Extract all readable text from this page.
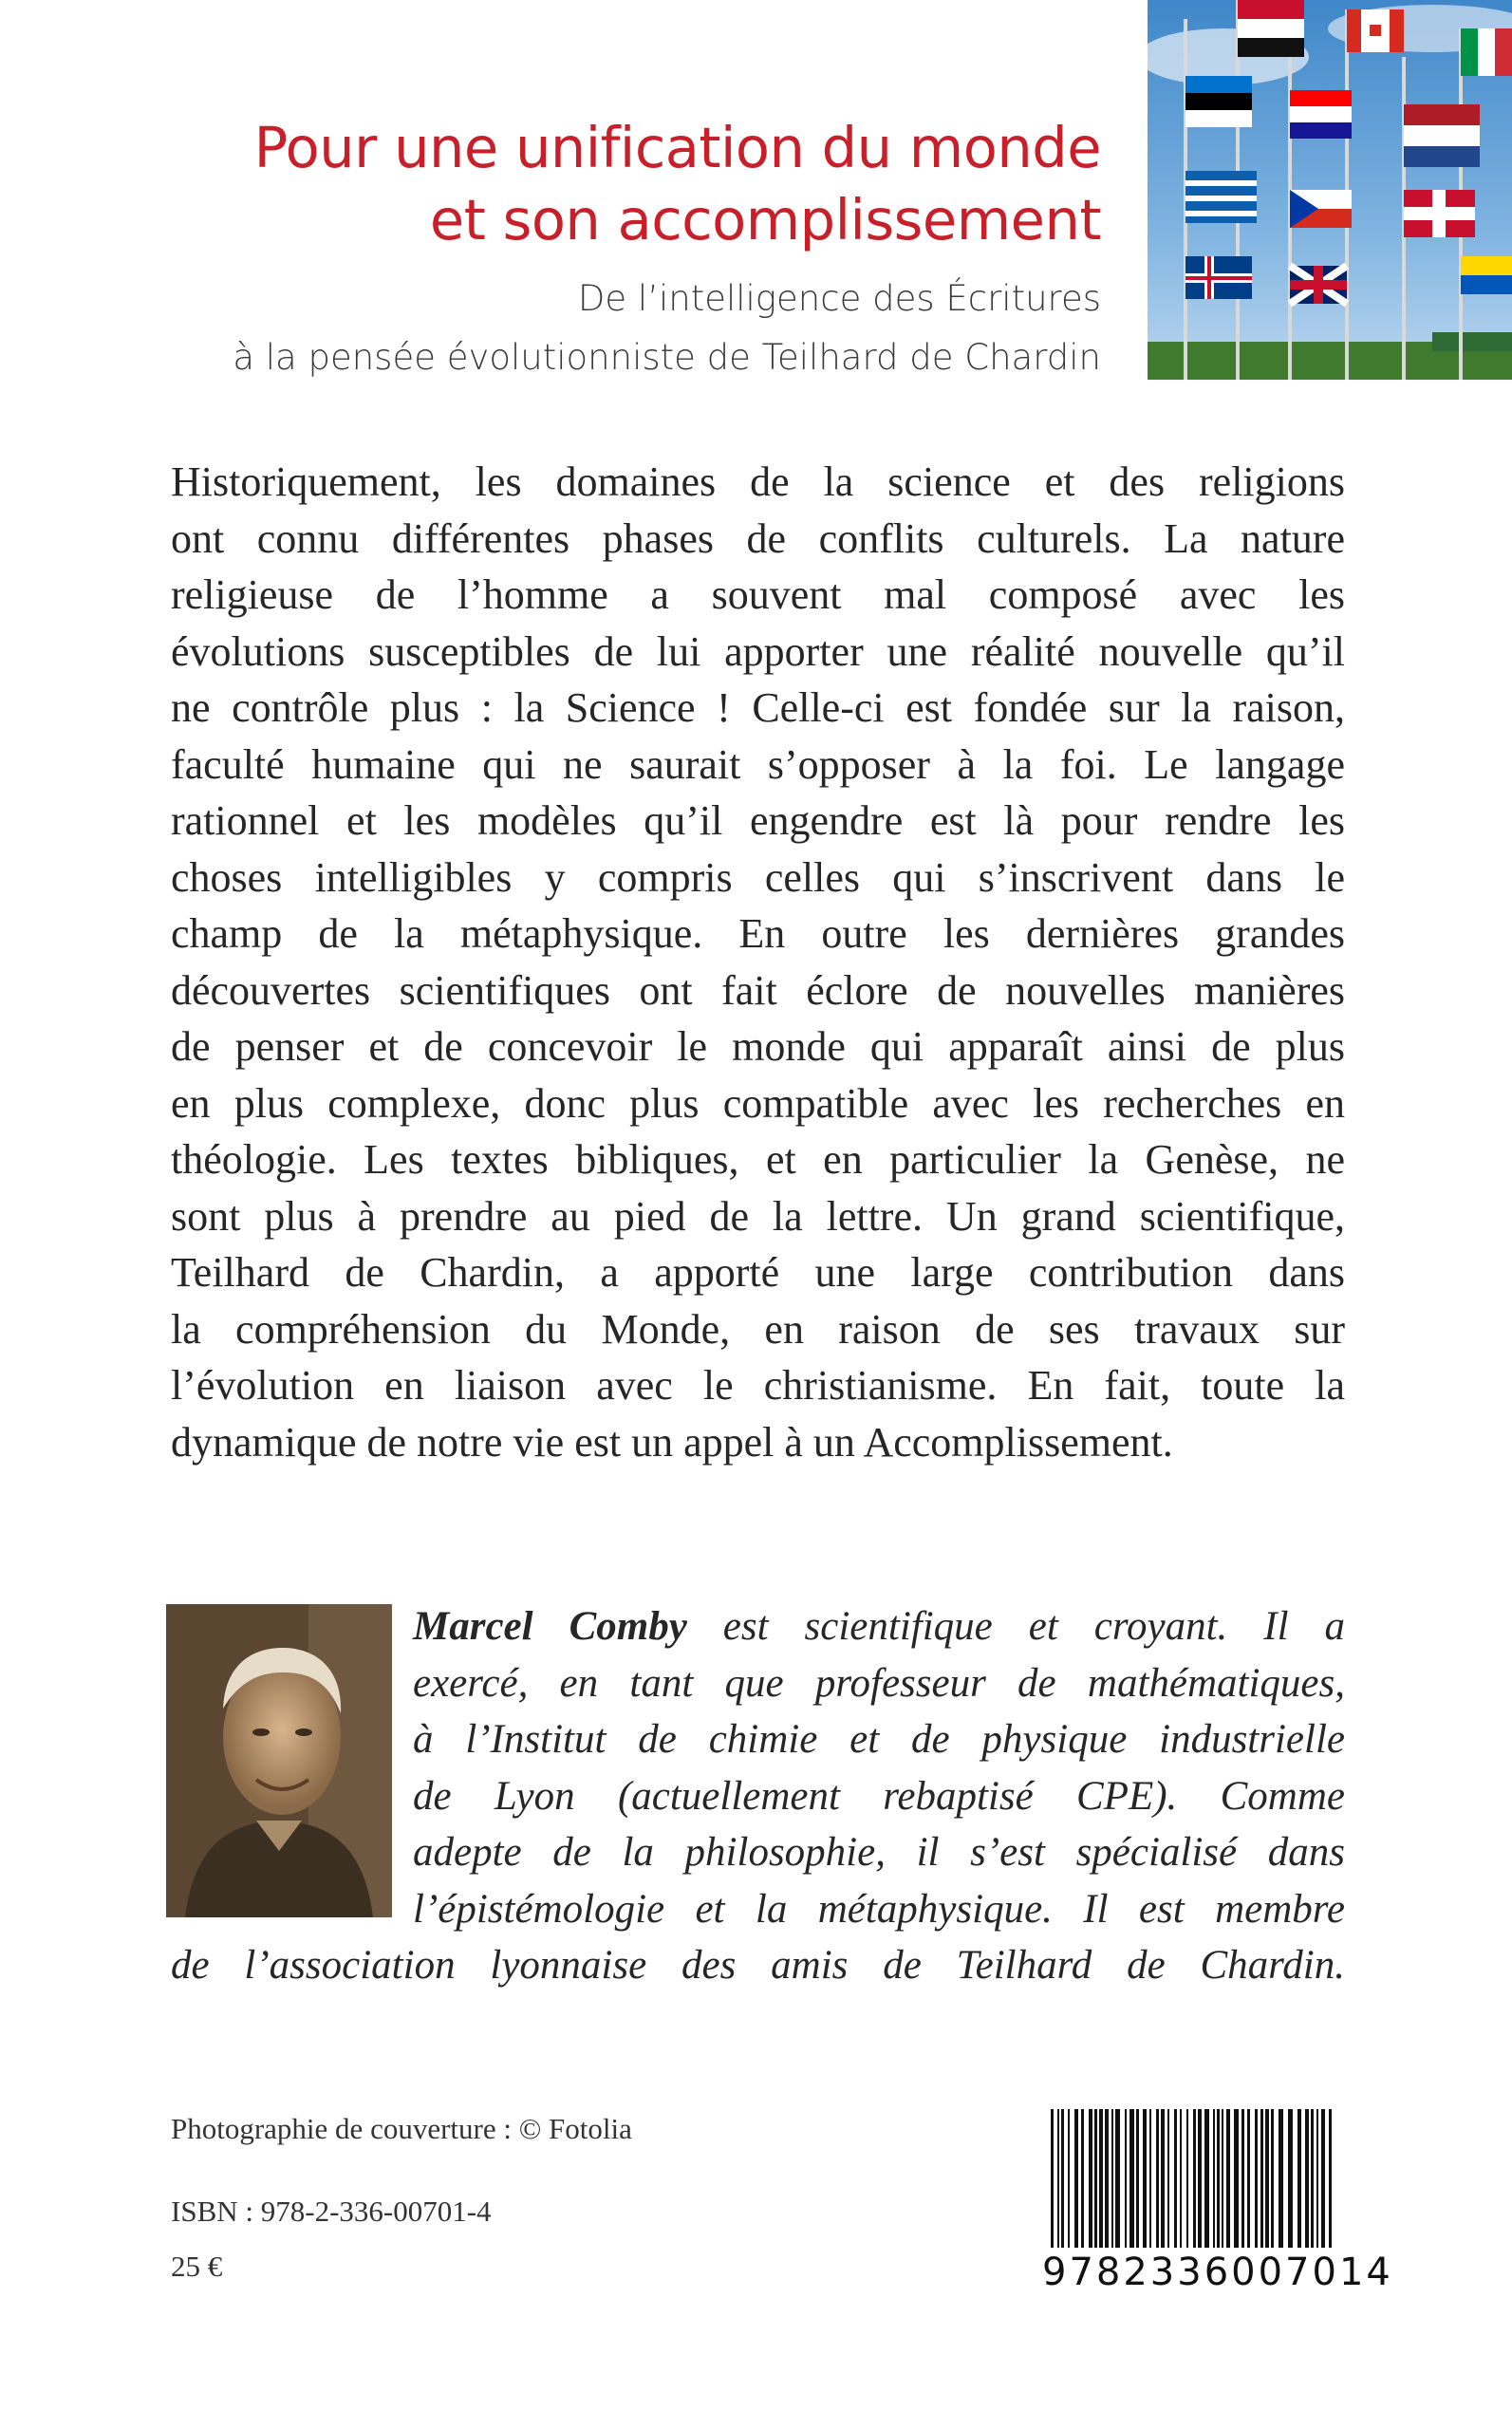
Pour une unification du monde
et son accomplissement
De l’intelligence des Écritures
à la pensée évolutionniste de Teilhard de Chardin
Historiquement, les domaines de la science et des religions
ont connu différentes phases de conflits culturels. La nature
religieuse de l’homme a souvent mal composé avec les
évolutions susceptibles de lui apporter une réalité nouvelle qu’il
ne contrôle plus : la Science ! Celle-ci est fondée sur la raison,
faculté humaine qui ne saurait s’opposer à la foi. Le langage
rationnel et les modèles qu’il engendre est là pour rendre les
choses intelligibles y compris celles qui s’inscrivent dans le
champ de la métaphysique. En outre les dernières grandes
découvertes scientifiques ont fait éclore de nouvelles manières
de penser et de concevoir le monde qui apparaît ainsi de plus
en plus complexe, donc plus compatible avec les recherches en
théologie. Les textes bibliques, et en particulier la Genèse, ne
sont plus à prendre au pied de la lettre. Un grand scientifique,
Teilhard de Chardin, a apporté une large contribution dans
la compréhension du Monde, en raison de ses travaux sur
l’évolution en liaison avec le christianisme. En fait, toute la
dynamique de notre vie est un appel à un Accomplissement.
Marcel Comby est scientifique et croyant. Il a
exercé, en tant que professeur de mathématiques,
à l’Institut de chimie et de physique industrielle
de Lyon (actuellement rebaptisé CPE). Comme
adepte de la philosophie, il s’est spécialisé dans
l’épistémologie et la métaphysique. Il est membre
de l’association lyonnaise des amis de Teilhard de Chardin.
Photographie de couverture : © Fotolia
ISBN : 978-2-336-00701-4
25 €	9782336007014
